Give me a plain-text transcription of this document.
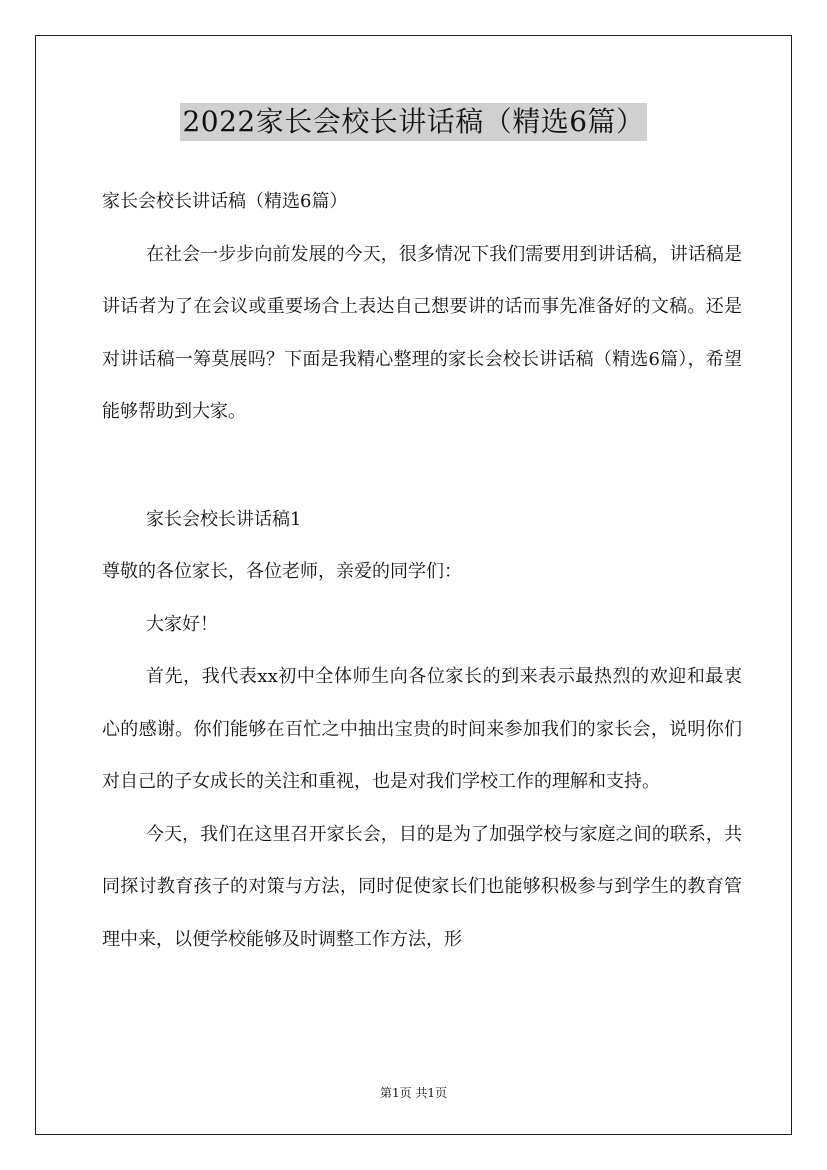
2022家长会校长讲话稿（精选6篇）

家长会校长讲话稿（精选6篇）

在社会一步步向前发展的今天，很多情况下我们需要用到讲话稿，讲话稿是讲话者为了在会议或重要场合上表达自己想要讲的话而事先准备好的文稿。还是对讲话稿一筹莫展吗？下面是我精心整理的家长会校长讲话稿（精选6篇），希望能够帮助到大家。

家长会校长讲话稿1

尊敬的各位家长，各位老师，亲爱的同学们：

大家好！

首先，我代表xx初中全体师生向各位家长的到来表示最热烈的欢迎和最衷心的感谢。你们能够在百忙之中抽出宝贵的时间来参加我们的家长会，说明你们对自己的子女成长的关注和重视，也是对我们学校工作的理解和支持。

今天，我们在这里召开家长会，目的是为了加强学校与家庭之间的联系，共同探讨教育孩子的对策与方法，同时促使家长们也能够积极参与到学生的教育管理中来，以便学校能够及时调整工作方法，形

第1页 共1页
